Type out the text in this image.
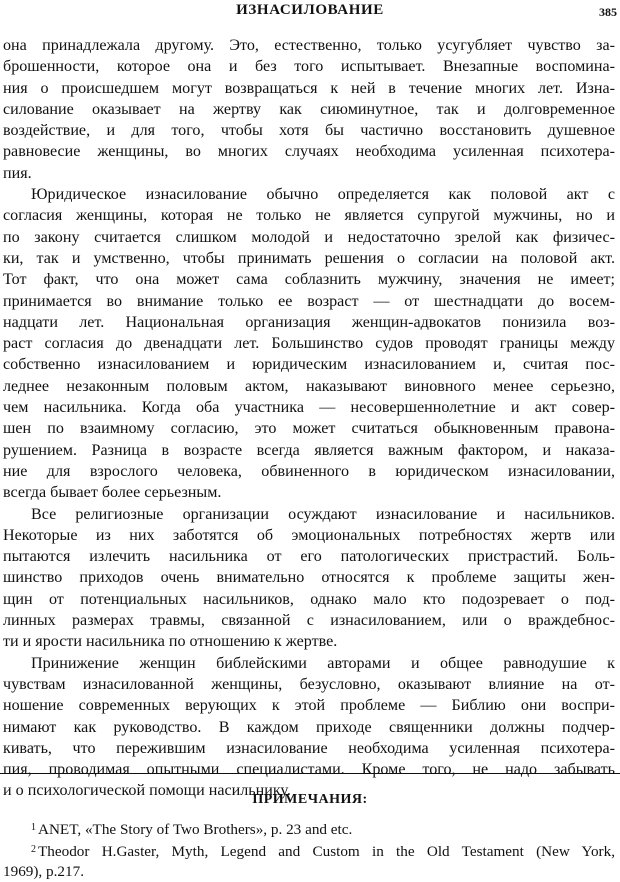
ИЗНАСИЛОВАНИЕ	385
она принадлежала другому. Это, естественно, только усугубляет чувство за-
брошенности, которое она и без того испытывает. Внезапные воспомина-
ния о происшедшем могут возвращаться к ней в течение многих лет. Изна-
силование оказывает на жертву как сиюминутное, так и долговременное
воздействие, и для того, чтобы хотя бы частично восстановить душевное
равновесие женщины, во многих случаях необходима усиленная психотера-
пия.
Юридическое изнасилование обычно определяется как половой акт с
согласия женщины, которая не только не является супругой мужчины, но и
по закону считается слишком молодой и недостаточно зрелой как физичес-
ки, так и умственно, чтобы принимать решения о согласии на половой акт.
Тот факт, что она может сама соблазнить мужчину, значения не имеет;
принимается во внимание только ее возраст — от шестнадцати до восем-
надцати лет. Национальная организация женщин-адвокатов понизила воз-
раст согласия до двенадцати лет. Большинство судов проводят границы между
собственно изнасилованием и юридическим изнасилованием и, считая пос-
леднее незаконным половым актом, наказывают виновного менее серьезно,
чем насильника. Когда оба участника — несовершеннолетние и акт совер-
шен по взаимному согласию, это может считаться обыкновенным правона-
рушением. Разница в возрасте всегда является важным фактором, и наказа-
ние для взрослого человека, обвиненного в юридическом изнасиловании,
всегда бывает более серьезным.
Все религиозные организации осуждают изнасилование и насильников.
Некоторые из них заботятся об эмоциональных потребностях жертв или
пытаются излечить насильника от его патологических пристрастий. Боль-
шинство приходов очень внимательно относятся к проблеме защиты жен-
щин от потенциальных насильников, однако мало кто подозревает о под-
линных размерах травмы, связанной с изнасилованием, или о враждебнос-
ти и ярости насильника по отношению к жертве.
Принижение женщин библейскими авторами и общее равнодушие к
чувствам изнасилованной женщины, безусловно, оказывают влияние на от-
ношение современных верующих к этой проблеме — Библию они воспри-
нимают как руководство. В каждом приходе священники должны подчер-
кивать, что пережившим изнасилование необходима усиленная психотера-
пия, проводимая опытными специалистами. Кроме того, не надо забывать
и о психологической помощи насильнику.
ПРИМЕЧАНИЯ:
$^1$ ANET, «The Story of Two Brothers», p. 23 and etc.
$^2$ Theodor H.Gaster, Myth, Legend and Custom in the Old Testament (New York,
1969), p.217.
